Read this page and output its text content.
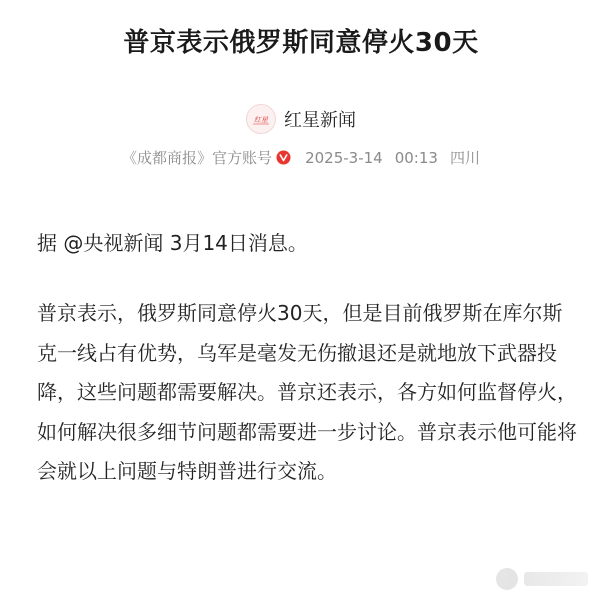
普京表示俄罗斯同意停火30天
红星 红星新闻
《成都商报》官方账号 2025-3-14 00:13 四川

据 @央视新闻 3月14日消息。

普京表示，俄罗斯同意停火30天，但是目前俄罗斯在库尔斯克一线占有优势，乌军是毫发无伤撤退还是就地放下武器投降，这些问题都需要解决。普京还表示，各方如何监督停火，如何解决很多细节问题都需要进一步讨论。普京表示他可能将会就以上问题与特朗普进行交流。
